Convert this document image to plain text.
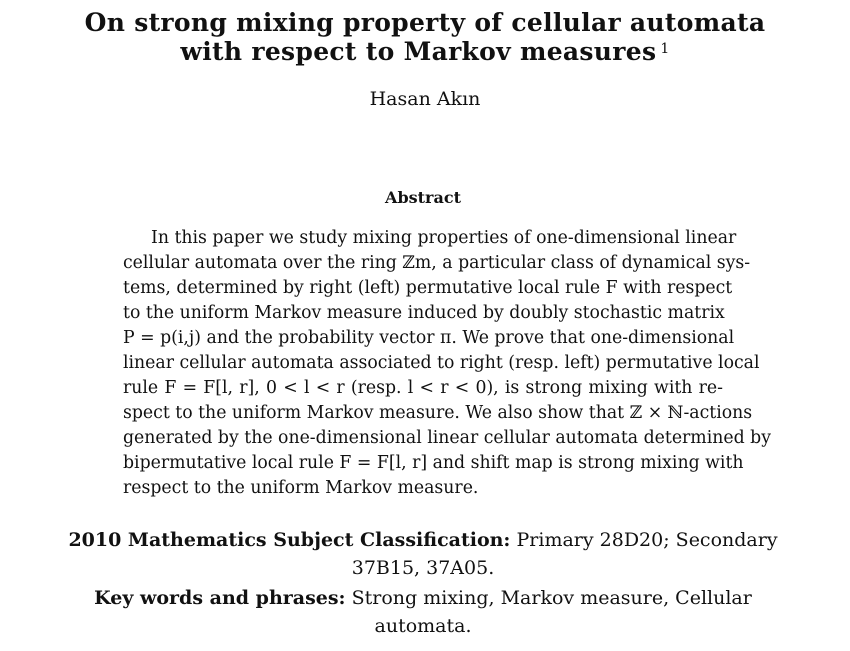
On strong mixing property of cellular automata
with respect to Markov measures $^1$
Hasan Akın
Abstract
In this paper we study mixing properties of one-dimensional linear
cellular automata over the ring ℤm, a particular class of dynamical sys-
tems, determined by right (left) permutative local rule F with respect
to the uniform Markov measure induced by doubly stochastic matrix
P = p(i,j) and the probability vector π. We prove that one-dimensional
linear cellular automata associated to right (resp. left) permutative local
rule F = F[l, r], 0 < l < r (resp. l < r < 0), is strong mixing with re-
spect to the uniform Markov measure. We also show that ℤ × ℕ-actions
generated by the one-dimensional linear cellular automata determined by
bipermutative local rule F = F[l, r] and shift map is strong mixing with
respect to the uniform Markov measure.
2010 Mathematics Subject Classification: Primary 28D20; Secondary
37B15, 37A05.
Key words and phrases: Strong mixing, Markov measure, Cellular
automata.
